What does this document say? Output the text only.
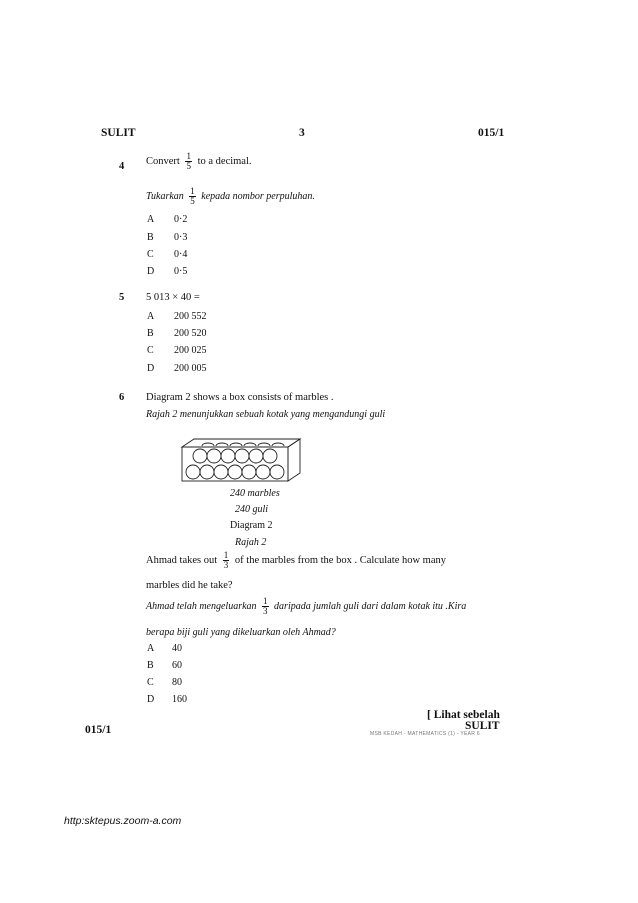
SULIT	3	015/1
4 Convert $\frac{1}{5}$ to a decimal.
Tukarkan $\frac{1}{5}$ kepada nombor perpuluhan.
A 0·2
B 0·3
C 0·4
D 0·5
5 5 013 × 40 =
A 200 552
B 200 520
C 200 025
D 200 005
6 Diagram 2 shows a box consists of marbles .
Rajah 2 menunjukkan sebuah kotak yang mengandungi guli
240 marbles
240 guli
Diagram 2
Rajah 2
Ahmad takes out $\frac{1}{3}$ of the marbles from the box . Calculate how many
marbles did he take?
Ahmad telah mengeluarkan $\frac{1}{3}$ daripada jumlah guli dari dalam kotak itu .Kira
berapa biji guli yang dikeluarkan oleh Ahmad?
A 40
B 60
C 80
D 160
[ Lihat sebelah
SULIT
015/1	MSB KEDAH - MATHEMATICS (1) - YEAR 6
http:sktepus.zoom-a.com
